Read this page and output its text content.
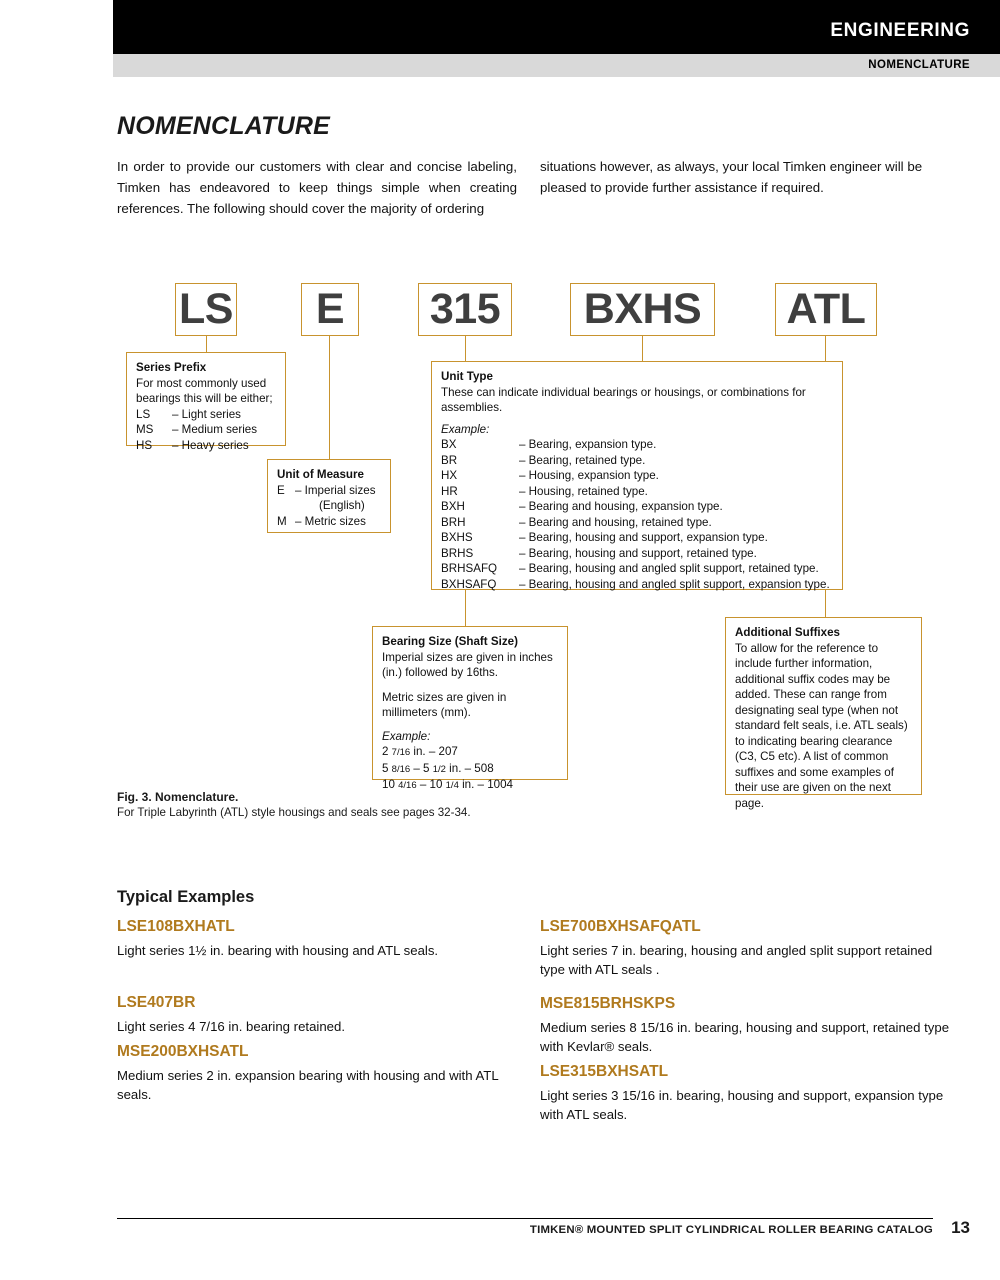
ENGINEERING
NOMENCLATURE
NOMENCLATURE
In order to provide our customers with clear and concise labeling, Timken has endeavored to keep things simple when creating references. The following should cover the majority of ordering
situations however, as always, your local Timken engineer will be pleased to provide further assistance if required.
LS	E	315	BXHS	ATL
Series Prefix
For most commonly used bearings this will be either;
LS	– Light series
MS	– Medium series
HS	– Heavy series
Unit of Measure
E – Imperial sizes
(English)
M – Metric sizes
Unit Type
These can indicate individual bearings or housings, or combinations for assemblies.
Example:
BX	– Bearing, expansion type.
BR	– Bearing, retained type.
HX	– Housing, expansion type.
HR	– Housing, retained type.
BXH	– Bearing and housing, expansion type.
BRH	– Bearing and housing, retained type.
BXHS	– Bearing, housing and support, expansion type.
BRHS	– Bearing, housing and support, retained type.
BRHSAFQ	– Bearing, housing and angled split support, retained type.
BXHSAFQ	– Bearing, housing and angled split support, expansion type.
Bearing Size (Shaft Size)
Imperial sizes are given in inches (in.) followed by 16ths.
Metric sizes are given in millimeters (mm).
Example:
2 7/16 in. – 207
5 8/16 – 5 1/2 in. – 508
10 4/16 – 10 1/4 in. – 1004
Additional Suffixes
To allow for the reference to include further information, additional suffix codes may be added. These can range from designating seal type (when not standard felt seals, i.e. ATL seals) to indicating bearing clearance (C3, C5 etc). A list of common suffixes and some examples of their use are given on the next page.
Fig. 3. Nomenclature.
For Triple Labyrinth (ATL) style housings and seals see pages 32-34.
Typical Examples
LSE108BXHATL
Light series 1½ in. bearing with housing and ATL seals.
LSE407BR
Light series 4 7/16 in. bearing retained.
MSE200BXHSATL
Medium series 2 in. expansion bearing with housing and with ATL seals.
LSE700BXHSAFQATL
Light series 7 in. bearing, housing and angled split support retained type with ATL seals .
MSE815BRHSKPS
Medium series 8 15/16 in. bearing, housing and support, retained type with Kevlar® seals.
LSE315BXHSATL
Light series 3 15/16 in. bearing, housing and support, expansion type with ATL seals.
TIMKEN® MOUNTED SPLIT CYLINDRICAL ROLLER BEARING CATALOG 13
